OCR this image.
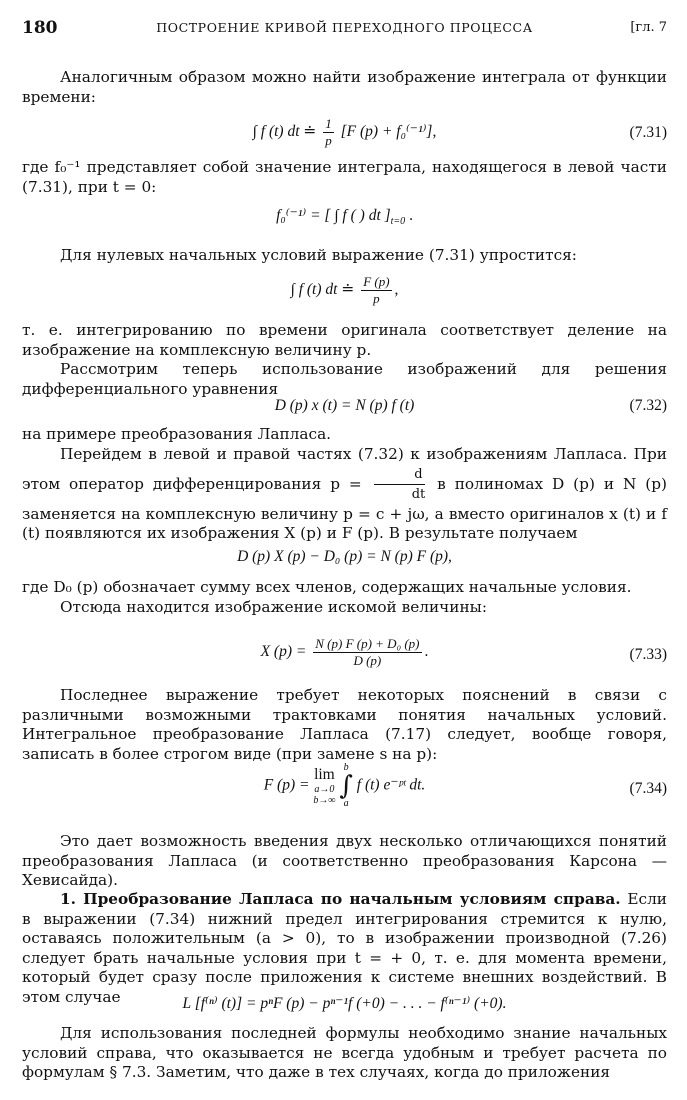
180	ПОСТРОЕНИЕ КРИВОЙ ПЕРЕХОДНОГО ПРОЦЕССА	[гл. 7
Аналогичным образом можно найти изображение интеграла от функции времени:
∫ f (t) dt ≐ $\frac{1}{p} [F$ (p) + f₀⁽⁻¹⁾],	(7.31)
где f₀⁻¹ представляет собой значение интеграла, находящегося в левой части (7.31), при t = 0:
f₀⁽⁻¹⁾ = [ ∫ f ( ) dt ]$_{t=0}$ .
Для нулевых начальных условий выражение (7.31) упростится:
∫ f (t) dt ≐ $\frac{F (p)}{p}$ ,
т. е. интегрированию по времени оригинала соответствует деление на изображение на комплексную величину p.
Рассмотрим теперь использование изображений для решения дифференциального уравнения
D (p) x (t) = N (p) f (t)	(7.32)
на примере преобразования Лапласа.
Перейдем в левой и правой частях (7.32) к изображениям Лапласа. При этом оператор дифференцирования $p = \frac{d}{dt}$ в полиномах D (p) и N (p) заменяется на комплексную величину p = c + jω, а вместо оригиналов x (t) и f (t) появляются их изображения X (p) и F (p). В результате получаем
D (p) X (p) − D₀ (p) = N (p) F (p),
где D₀ (p) обозначает сумму всех членов, содержащих начальные условия.
Отсюда находится изображение искомой величины:
X $(p) = \frac{\text{N (p) F (p) + D₀ (p)}}{D (p)}$ .	(7.33)
Последнее выражение требует некоторых пояснений в связи с различными возможными трактовками понятия начальных условий. Интегральное преобразование Лапласа (7.17) следует, вообще говоря, записать в более строгом виде (при замене s на p):
F (p) = lim
a→0
b→∞

b
∫
a
f (t) e⁻ᵖᵗ dt.	(7.34)
Это дает возможность введения двух несколько отличающихся понятий преобразования Лапласа (и соответственно преобразования Карсона — Хевисайда).
1. Преобразование Лапласа по начальным условиям справа. Если в выражении (7.34) нижний предел интегрирования стремится к нулю, оставаясь положительным (a > 0), то в изображении производной (7.26) следует брать начальные условия при t = + 0, т. е. для момента времени, который будет сразу после приложения к системе внешних воздействий. В этом случае	L [f⁽ⁿ⁾ (t)] = pⁿF (p) − pⁿ⁻¹f (+0) − . . . − f⁽ⁿ⁻¹⁾ (+0).
Для использования последней формулы необходимо знание начальных условий справа, что оказывается не всегда удобным и требует расчета по формулам § 7.3. Заметим, что даже в тех случаях, когда до приложения
